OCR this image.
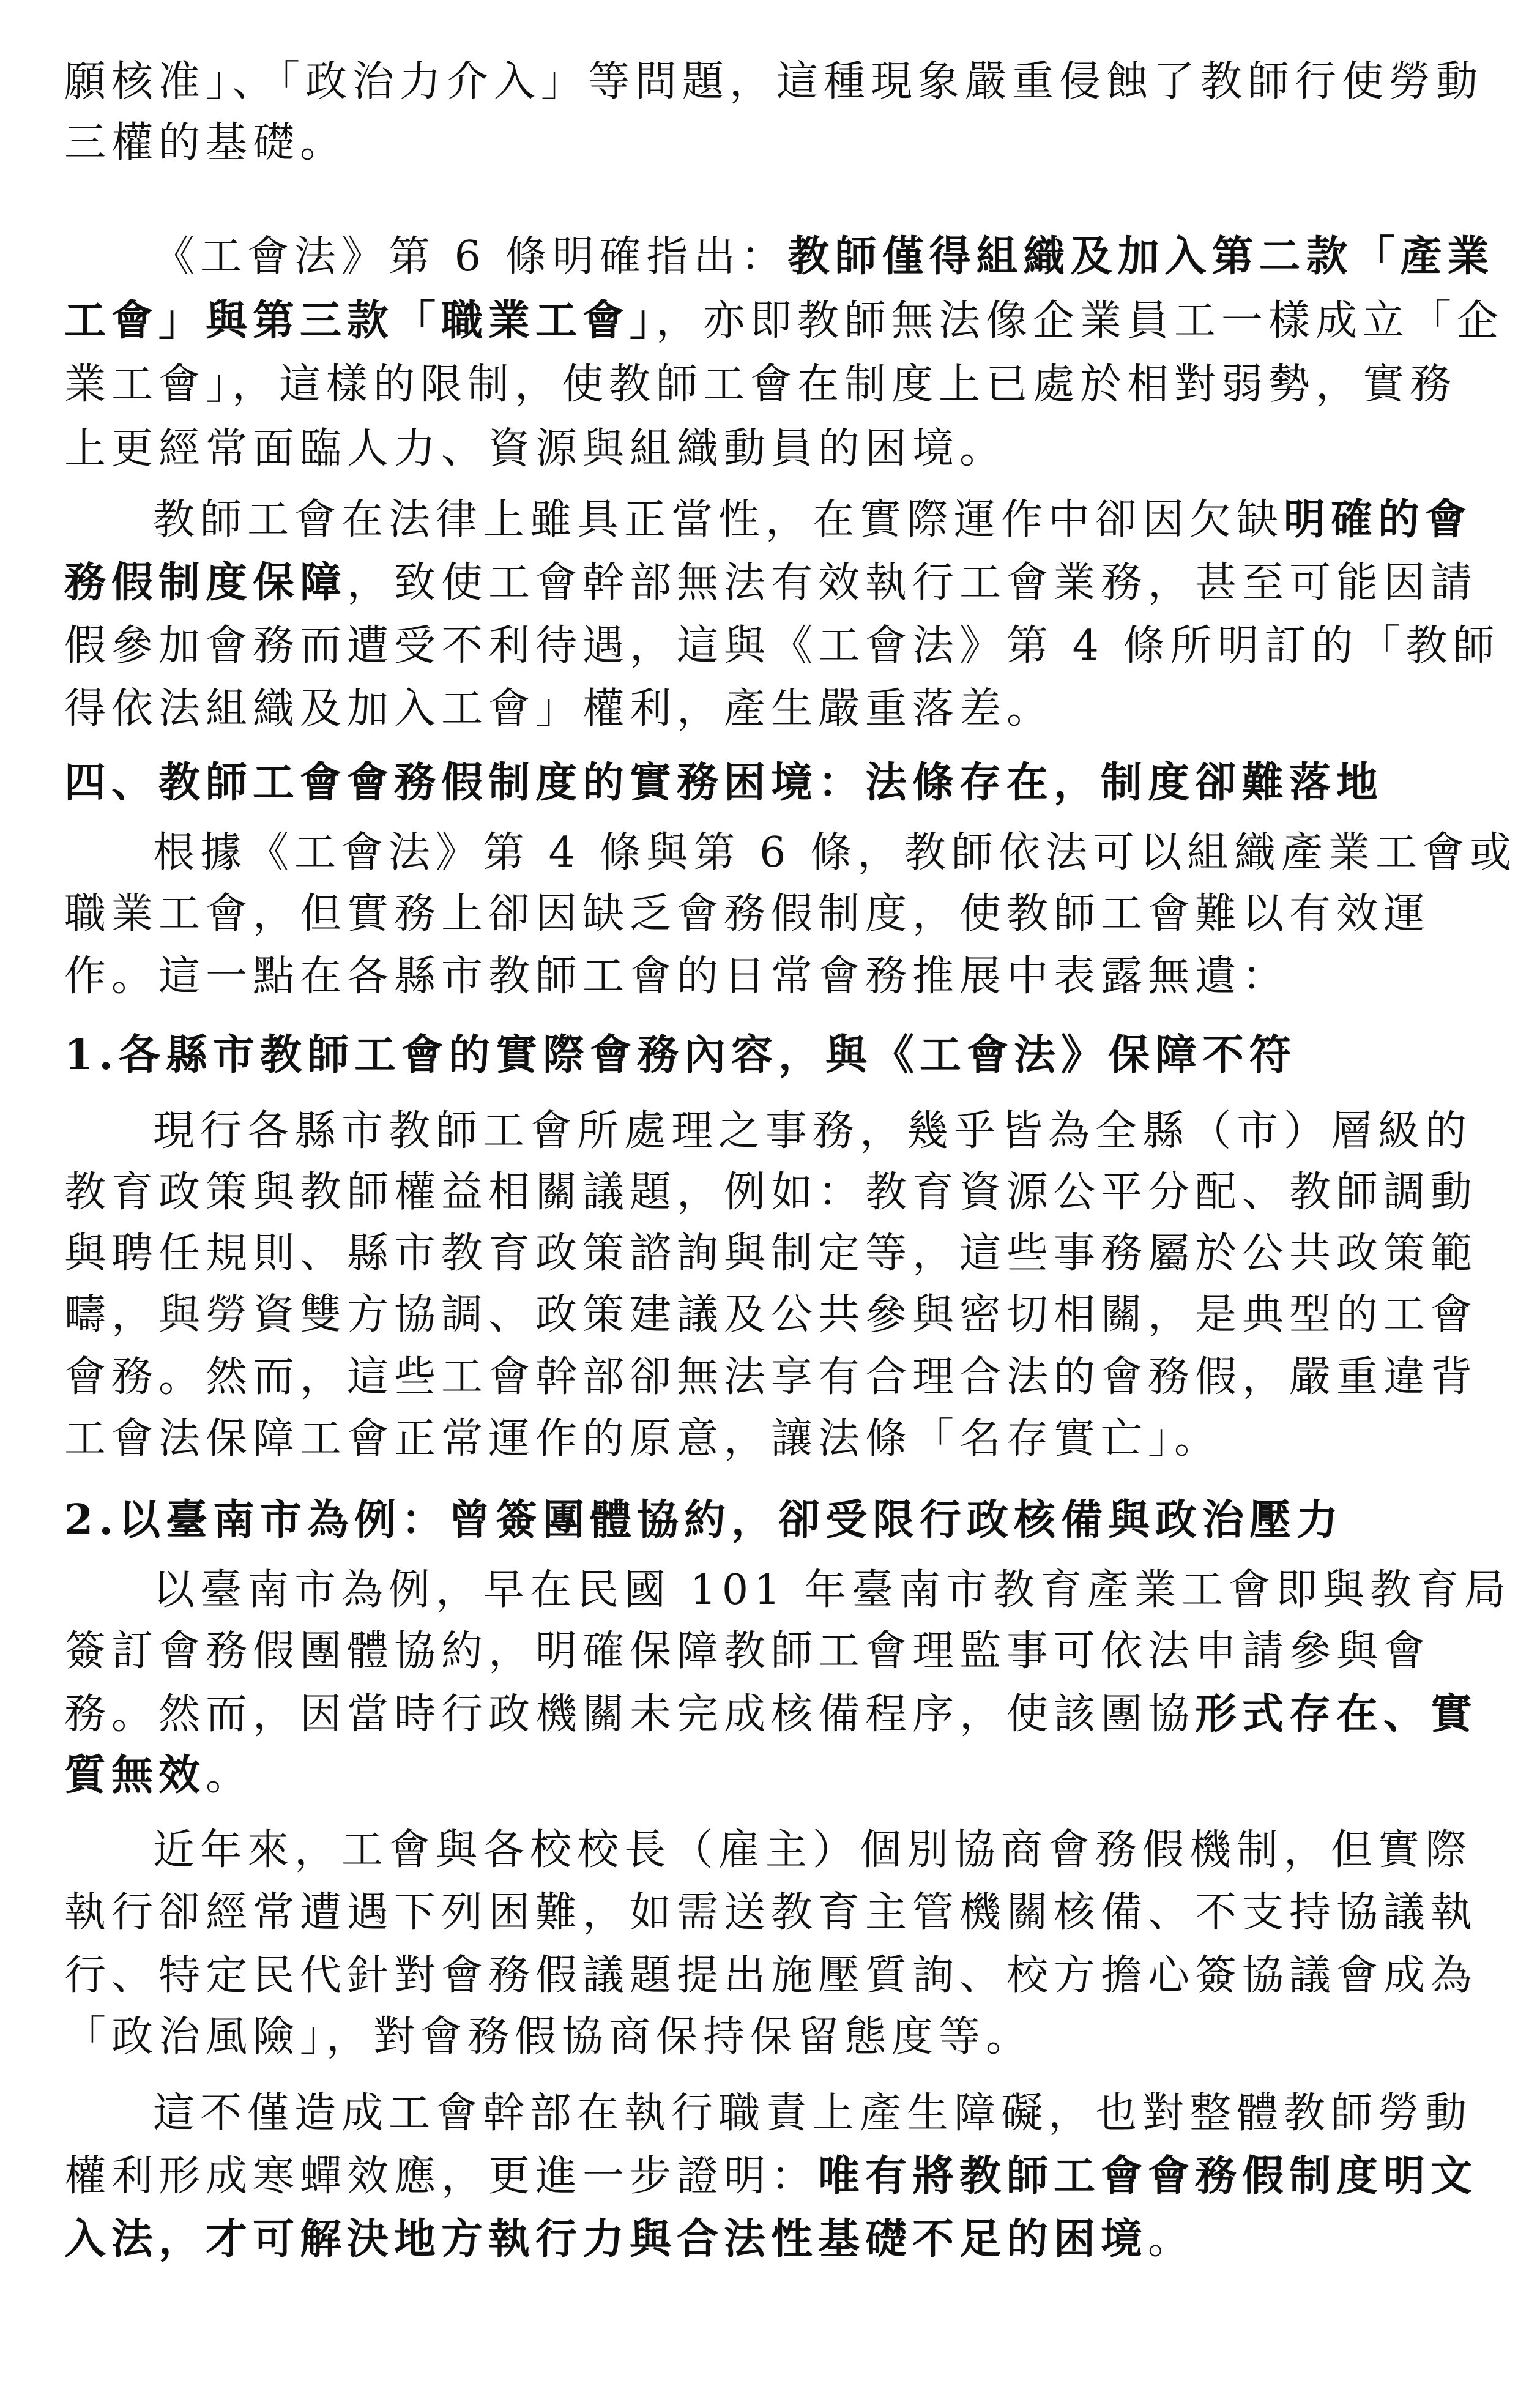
願核准」、「政治力介入」等問題，這種現象嚴重侵蝕了教師行使勞動
三權的基礎。
《工會法》第 6 條明確指出：教師僅得組織及加入第二款「產業
工會」與第三款「職業工會」，亦即教師無法像企業員工一樣成立「企
業工會」，這樣的限制，使教師工會在制度上已處於相對弱勢，實務
上更經常面臨人力、資源與組織動員的困境。
教師工會在法律上雖具正當性，在實際運作中卻因欠缺明確的會
務假制度保障，致使工會幹部無法有效執行工會業務，甚至可能因請
假參加會務而遭受不利待遇，這與《工會法》第 4 條所明訂的「教師
得依法組織及加入工會」權利，產生嚴重落差。
四、教師工會會務假制度的實務困境：法條存在，制度卻難落地
根據《工會法》第 4 條與第 6 條，教師依法可以組織產業工會或
職業工會，但實務上卻因缺乏會務假制度，使教師工會難以有效運
作。這一點在各縣市教師工會的日常會務推展中表露無遺：
1.各縣市教師工會的實際會務內容，與《工會法》保障不符
現行各縣市教師工會所處理之事務，幾乎皆為全縣（市）層級的
教育政策與教師權益相關議題，例如：教育資源公平分配、教師調動
與聘任規則、縣市教育政策諮詢與制定等，這些事務屬於公共政策範
疇，與勞資雙方協調、政策建議及公共參與密切相關，是典型的工會
會務。然而，這些工會幹部卻無法享有合理合法的會務假，嚴重違背
工會法保障工會正常運作的原意，讓法條「名存實亡」。
2.以臺南市為例：曾簽團體協約，卻受限行政核備與政治壓力
以臺南市為例，早在民國 101 年臺南市教育產業工會即與教育局
簽訂會務假團體協約，明確保障教師工會理監事可依法申請參與會
務。然而，因當時行政機關未完成核備程序，使該團協形式存在、實
質無效。
近年來，工會與各校校長（雇主）個別協商會務假機制，但實際
執行卻經常遭遇下列困難，如需送教育主管機關核備、不支持協議執
行、特定民代針對會務假議題提出施壓質詢、校方擔心簽協議會成為
「政治風險」，對會務假協商保持保留態度等。
這不僅造成工會幹部在執行職責上產生障礙，也對整體教師勞動
權利形成寒蟬效應，更進一步證明：唯有將教師工會會務假制度明文
入法，才可解決地方執行力與合法性基礎不足的困境。
